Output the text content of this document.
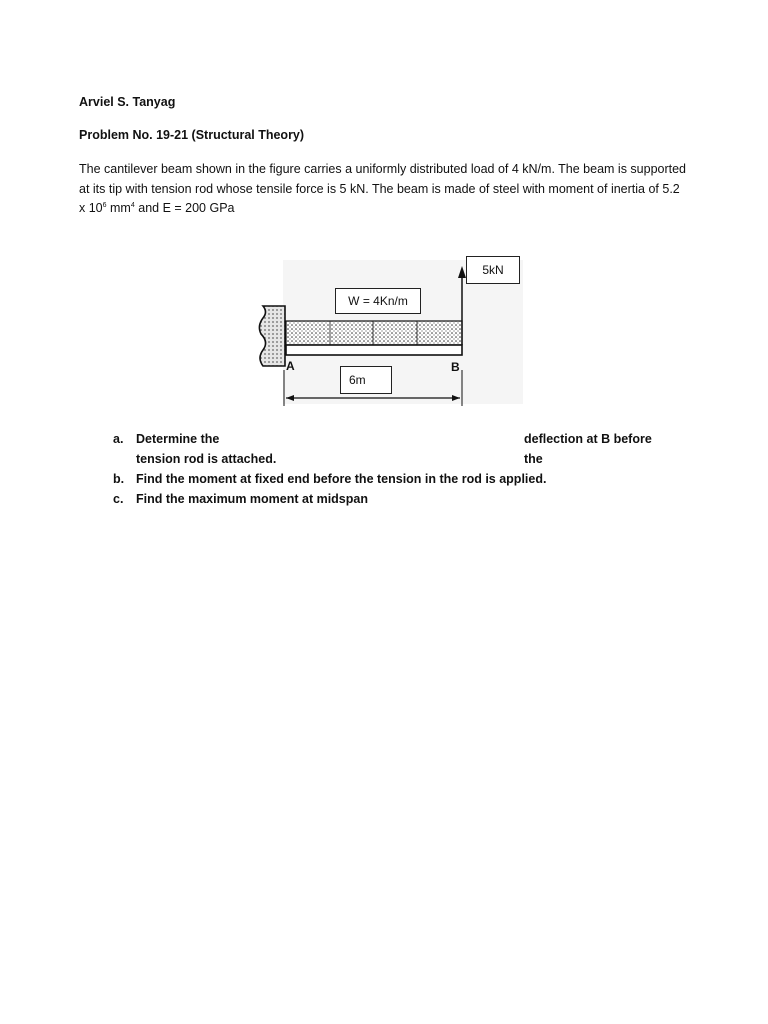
Arviel S. Tanyag
Problem No. 19-21 (Structural Theory)
The cantilever beam shown in the figure carries a uniformly distributed load of 4 kN/m. The beam is supported at its tip with tension rod whose tensile force is 5 kN. The beam is made of steel with moment of inertia of 5.2 x $10^6$ $mm^4$ and E = 200 GPa
A	B
5kN
W = 4Kn/m
6m
a. Determine the	deflection at B before the
tension rod is attached.
b. Find the moment at fixed end before the tension in the rod is applied.
c. Find the maximum moment at midspan
